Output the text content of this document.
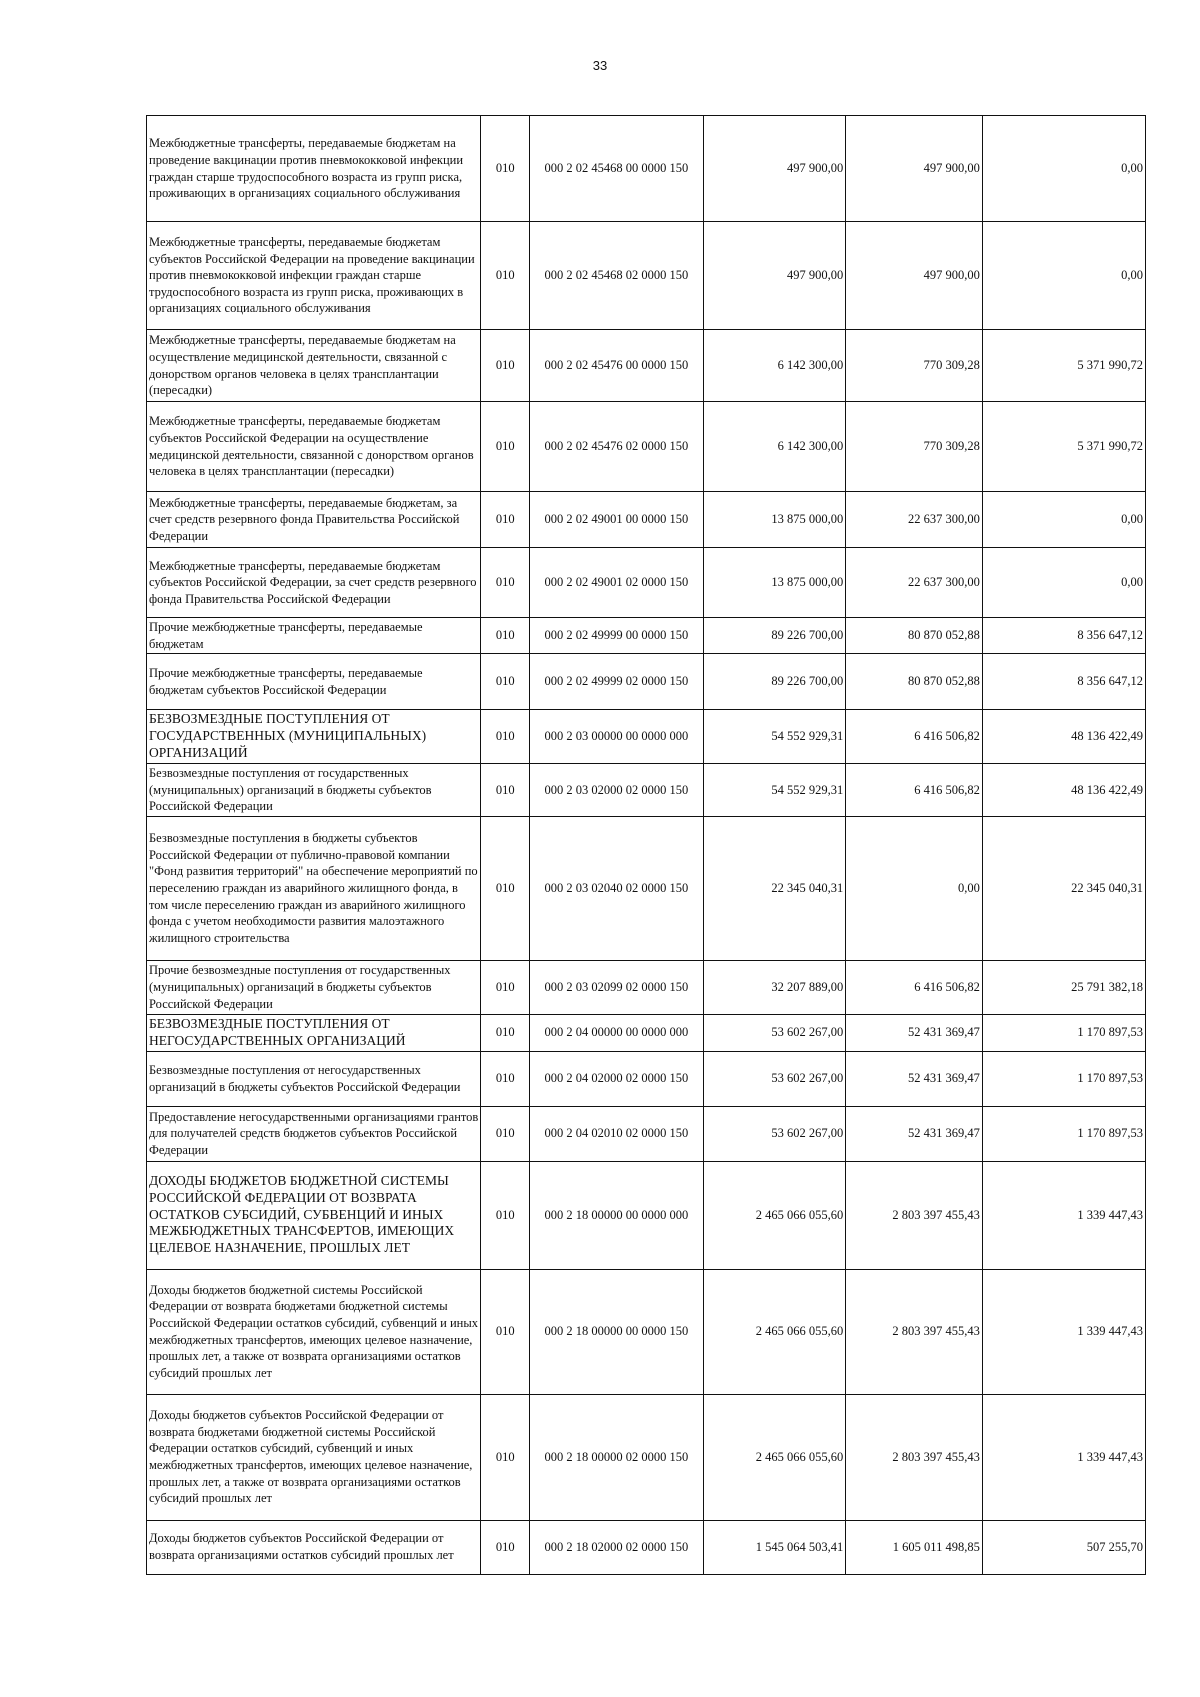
33
Межбюджетные трансферты, передаваемые бюджетам на проведение вакцинации против пневмококковой инфекции граждан старше трудоспособного возраста из групп риска, проживающих в организациях социального обслуживания	010	000 2 02 45468 00 0000 150	497 900,00	497 900,00	0,00
Межбюджетные трансферты, передаваемые бюджетам субъектов Российской Федерации на проведение вакцинации против пневмококковой инфекции граждан старше трудоспособного возраста из групп риска, проживающих в организациях социального обслуживания	010	000 2 02 45468 02 0000 150	497 900,00	497 900,00	0,00
Межбюджетные трансферты, передаваемые бюджетам на осуществление медицинской деятельности, связанной с донорством органов человека в целях трансплантации (пересадки)	010	000 2 02 45476 00 0000 150	6 142 300,00	770 309,28	5 371 990,72
Межбюджетные трансферты, передаваемые бюджетам субъектов Российской Федерации на осуществление медицинской деятельности, связанной с донорством органов человека в целях трансплантации (пересадки)	010	000 2 02 45476 02 0000 150	6 142 300,00	770 309,28	5 371 990,72
Межбюджетные трансферты, передаваемые бюджетам, за счет средств резервного фонда Правительства Российской Федерации	010	000 2 02 49001 00 0000 150	13 875 000,00	22 637 300,00	0,00
Межбюджетные трансферты, передаваемые бюджетам субъектов Российской Федерации, за счет средств резервного фонда Правительства Российской Федерации	010	000 2 02 49001 02 0000 150	13 875 000,00	22 637 300,00	0,00
Прочие межбюджетные трансферты, передаваемые бюджетам	010	000 2 02 49999 00 0000 150	89 226 700,00	80 870 052,88	8 356 647,12
Прочие межбюджетные трансферты, передаваемые бюджетам субъектов Российской Федерации	010	000 2 02 49999 02 0000 150	89 226 700,00	80 870 052,88	8 356 647,12
БЕЗВОЗМЕЗДНЫЕ ПОСТУПЛЕНИЯ ОТ ГОСУДАРСТВЕННЫХ (МУНИЦИПАЛЬНЫХ) ОРГАНИЗАЦИЙ	010	000 2 03 00000 00 0000 000	54 552 929,31	6 416 506,82	48 136 422,49
Безвозмездные поступления от государственных (муниципальных) организаций в бюджеты субъектов Российской Федерации	010	000 2 03 02000 02 0000 150	54 552 929,31	6 416 506,82	48 136 422,49
Безвозмездные поступления в бюджеты субъектов Российской Федерации от публично-правовой компании "Фонд развития территорий" на обеспечение мероприятий по переселению граждан из аварийного жилищного фонда, в том числе переселению граждан из аварийного жилищного фонда с учетом необходимости развития малоэтажного жилищного строительства	010	000 2 03 02040 02 0000 150	22 345 040,31	0,00	22 345 040,31
Прочие безвозмездные поступления от государственных (муниципальных) организаций в бюджеты субъектов Российской Федерации	010	000 2 03 02099 02 0000 150	32 207 889,00	6 416 506,82	25 791 382,18
БЕЗВОЗМЕЗДНЫЕ ПОСТУПЛЕНИЯ ОТ НЕГОСУДАРСТВЕННЫХ ОРГАНИЗАЦИЙ	010	000 2 04 00000 00 0000 000	53 602 267,00	52 431 369,47	1 170 897,53
Безвозмездные поступления от негосударственных организаций в бюджеты субъектов Российской Федерации	010	000 2 04 02000 02 0000 150	53 602 267,00	52 431 369,47	1 170 897,53
Предоставление негосударственными организациями грантов для получателей средств бюджетов субъектов Российской Федерации	010	000 2 04 02010 02 0000 150	53 602 267,00	52 431 369,47	1 170 897,53
ДОХОДЫ БЮДЖЕТОВ БЮДЖЕТНОЙ СИСТЕМЫ РОССИЙСКОЙ ФЕДЕРАЦИИ ОТ ВОЗВРАТА ОСТАТКОВ СУБСИДИЙ, СУБВЕНЦИЙ И ИНЫХ МЕЖБЮДЖЕТНЫХ ТРАНСФЕРТОВ, ИМЕЮЩИХ ЦЕЛЕВОЕ НАЗНАЧЕНИЕ, ПРОШЛЫХ ЛЕТ	010	000 2 18 00000 00 0000 000	2 465 066 055,60	2 803 397 455,43	1 339 447,43
Доходы бюджетов бюджетной системы Российской Федерации от возврата бюджетами бюджетной системы Российской Федерации остатков субсидий, субвенций и иных межбюджетных трансфертов, имеющих целевое назначение, прошлых лет, а также от возврата организациями остатков субсидий прошлых лет	010	000 2 18 00000 00 0000 150	2 465 066 055,60	2 803 397 455,43	1 339 447,43
Доходы бюджетов субъектов Российской Федерации от возврата бюджетами бюджетной системы Российской Федерации остатков субсидий, субвенций и иных межбюджетных трансфертов, имеющих целевое назначение, прошлых лет, а также от возврата организациями остатков субсидий прошлых лет	010	000 2 18 00000 02 0000 150	2 465 066 055,60	2 803 397 455,43	1 339 447,43
Доходы бюджетов субъектов Российской Федерации от возврата организациями остатков субсидий прошлых лет	010	000 2 18 02000 02 0000 150	1 545 064 503,41	1 605 011 498,85	507 255,70
